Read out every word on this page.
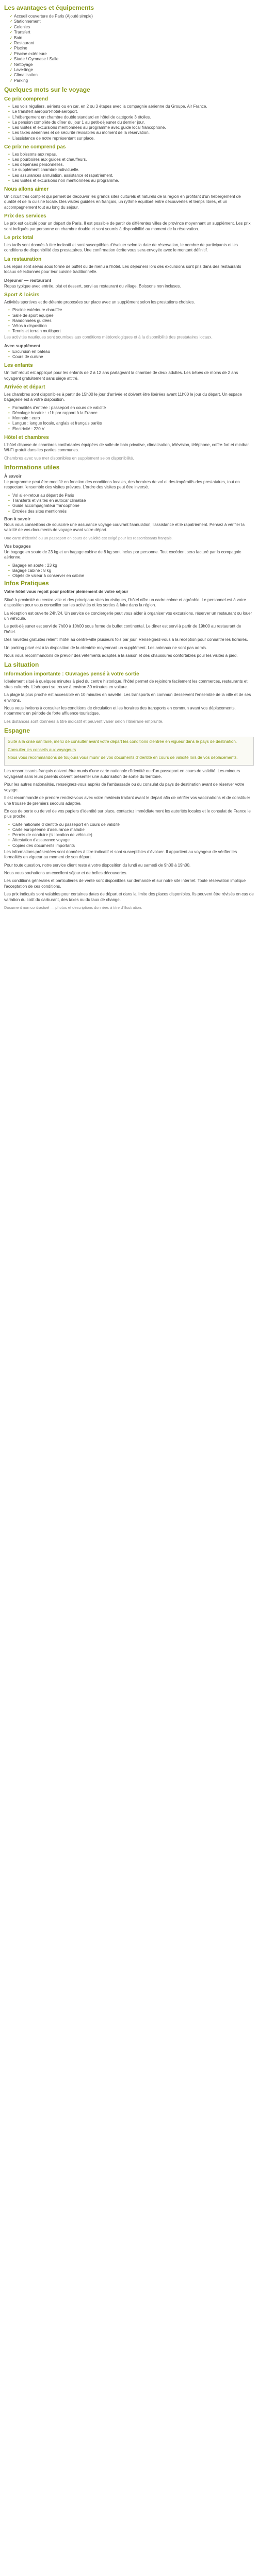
Les avantages et équipements
✓ Accueil couverture de Paris (Ajouté simple)
✓ Stationnement
✓ Colonies
✓ Transfert
✓ Bain
✓ Restaurant
✓ Piscine
✓ Piscine extérieure
✓ Stade / Gymnase / Salle
✓ Nettoyage
✓ Lave-linge
✓ Climatisation
✓ Parking
Quelques mots sur le voyage
Ce prix comprend
• Les vols réguliers, aériens ou en car, en 2 ou 3 étapes avec la compagnie aérienne du Groupe, Air France.
• Le transfert aéroport-hôtel-aéroport.
• L'hébergement en chambre double standard en hôtel de catégorie 3 étoiles.
• La pension complète du dîner du jour 1 au petit-déjeuner du dernier jour.
• Les visites et excursions mentionnées au programme avec guide local francophone.
• Les taxes aériennes et de sécurité révisables au moment de la réservation.
• L'assistance de notre représentant sur place.
Ce prix ne comprend pas
• Les boissons aux repas.
• Les pourboires aux guides et chauffeurs.
• Les dépenses personnelles.
• Le supplément chambre individuelle.
• Les assurances annulation, assistance et rapatriement.
• Les visites et excursions non mentionnées au programme.
Nous allons aimer

Un circuit très complet qui permet de découvrir les grands sites culturels et naturels de la région en profitant d'un hébergement de qualité et de la cuisine locale. Des visites guidées en français, un rythme équilibré entre découvertes et temps libres, et un accompagnement tout au long du séjour.

Prix des services

Le prix est calculé pour un départ de Paris. Il est possible de partir de différentes villes de province moyennant un supplément. Les prix sont indiqués par personne en chambre double et sont soumis à disponibilité au moment de la réservation.

Le prix total

Les tarifs sont donnés à titre indicatif et sont susceptibles d'évoluer selon la date de réservation, le nombre de participants et les conditions de disponibilité des prestataires. Une confirmation écrite vous sera envoyée avec le montant définitif.

La restauration

Les repas sont servis sous forme de buffet ou de menu à l'hôtel. Les déjeuners lors des excursions sont pris dans des restaurants locaux sélectionnés pour leur cuisine traditionnelle.

Déjeuner — restaurant

Repas typique avec entrée, plat et dessert, servi au restaurant du village. Boissons non incluses.

Sport & loisirs

Activités sportives et de détente proposées sur place avec un supplément selon les prestations choisies.

• Piscine extérieure chauffée
• Salle de sport équipée
• Randonnées guidées
• Vélos à disposition
• Tennis et terrain multisport

Les activités nautiques sont soumises aux conditions météorologiques et à la disponibilité des prestataires locaux.

Avec supplément
• Excursion en bateau
• Cours de cuisine
Les enfants

Un tarif réduit est appliqué pour les enfants de 2 à 12 ans partageant la chambre de deux adultes. Les bébés de moins de 2 ans voyagent gratuitement sans siège attitré.

Arrivée et départ

Les chambres sont disponibles à partir de 15h00 le jour d'arrivée et doivent être libérées avant 11h00 le jour du départ. Un espace bagagerie est à votre disposition.

• Formalités d'entrée : passeport en cours de validité
• Décalage horaire : +1h par rapport à la France
• Monnaie : euro
• Langue : langue locale, anglais et français parlés
• Électricité : 220 V
Hôtel et chambres

L'hôtel dispose de chambres confortables équipées de salle de bain privative, climatisation, télévision, téléphone, coffre-fort et minibar. Wi-Fi gratuit dans les parties communes.

Chambres avec vue mer disponibles en supplément selon disponibilité.

Informations utiles
À savoir

Le programme peut être modifié en fonction des conditions locales, des horaires de vol et des impératifs des prestataires, tout en respectant l'ensemble des visites prévues. L'ordre des visites peut être inversé.

• Vol aller-retour au départ de Paris
• Transferts et visites en autocar climatisé
• Guide accompagnateur francophone
• Entrées des sites mentionnés
Bon à savoir

Nous vous conseillons de souscrire une assurance voyage couvrant l'annulation, l'assistance et le rapatriement. Pensez à vérifier la validité de vos documents de voyage avant votre départ.

Une carte d'identité ou un passeport en cours de validité est exigé pour les ressortissants français.

Vos bagages

Un bagage en soute de 23 kg et un bagage cabine de 8 kg sont inclus par personne. Tout excédent sera facturé par la compagnie aérienne.

• Bagage en soute : 23 kg
• Bagage cabine : 8 kg
• Objets de valeur à conserver en cabine
Infos Pratiques

Votre hôtel vous reçoit pour profiter pleinement de votre séjour

Situé à proximité du centre-ville et des principaux sites touristiques, l'hôtel offre un cadre calme et agréable. Le personnel est à votre disposition pour vous conseiller sur les activités et les sorties à faire dans la région.

La réception est ouverte 24h/24. Un service de conciergerie peut vous aider à organiser vos excursions, réserver un restaurant ou louer un véhicule.

Le petit-déjeuner est servi de 7h00 à 10h00 sous forme de buffet continental. Le dîner est servi à partir de 19h00 au restaurant de l'hôtel.

Des navettes gratuites relient l'hôtel au centre-ville plusieurs fois par jour. Renseignez-vous à la réception pour connaître les horaires.

Un parking privé est à la disposition de la clientèle moyennant un supplément. Les animaux ne sont pas admis.

Nous vous recommandons de prévoir des vêtements adaptés à la saison et des chaussures confortables pour les visites à pied.

La situation
Information importante : Ouvrages pensé à votre sortie

Idéalement situé à quelques minutes à pied du centre historique, l'hôtel permet de rejoindre facilement les commerces, restaurants et sites culturels. L'aéroport se trouve à environ 30 minutes en voiture.

La plage la plus proche est accessible en 10 minutes en navette. Les transports en commun desservent l'ensemble de la ville et de ses environs.

Nous vous invitons à consulter les conditions de circulation et les horaires des transports en commun avant vos déplacements, notamment en période de forte affluence touristique.

Les distances sont données à titre indicatif et peuvent varier selon l'itinéraire emprunté.

Espagne

Suite à la crise sanitaire, merci de consulter avant votre départ les conditions d'entrée en vigueur dans le pays de destination.

Consulter les conseils aux voyageurs

Nous vous recommandons de toujours vous munir de vos documents d'identité en cours de validité lors de vos déplacements.

Les ressortissants français doivent être munis d'une carte nationale d'identité ou d'un passeport en cours de validité. Les mineurs voyageant sans leurs parents doivent présenter une autorisation de sortie du territoire.

Pour les autres nationalités, renseignez-vous auprès de l'ambassade ou du consulat du pays de destination avant de réserver votre voyage.

Il est recommandé de prendre rendez-vous avec votre médecin traitant avant le départ afin de vérifier vos vaccinations et de constituer une trousse de premiers secours adaptée.

En cas de perte ou de vol de vos papiers d'identité sur place, contactez immédiatement les autorités locales et le consulat de France le plus proche.

• Carte nationale d'identité ou passeport en cours de validité
• Carte européenne d'assurance maladie
• Permis de conduire (si location de véhicule)
• Attestation d'assurance voyage
• Copies des documents importants

Les informations présentées sont données à titre indicatif et sont susceptibles d'évoluer. Il appartient au voyageur de vérifier les formalités en vigueur au moment de son départ.

Pour toute question, notre service client reste à votre disposition du lundi au samedi de 9h00 à 19h00.

Nous vous souhaitons un excellent séjour et de belles découvertes.

Les conditions générales et particulières de vente sont disponibles sur demande et sur notre site internet. Toute réservation implique l'acceptation de ces conditions.

Les prix indiqués sont valables pour certaines dates de départ et dans la limite des places disponibles. Ils peuvent être révisés en cas de variation du coût du carburant, des taxes ou du taux de change.

Document non contractuel — photos et descriptions données à titre d'illustration.
